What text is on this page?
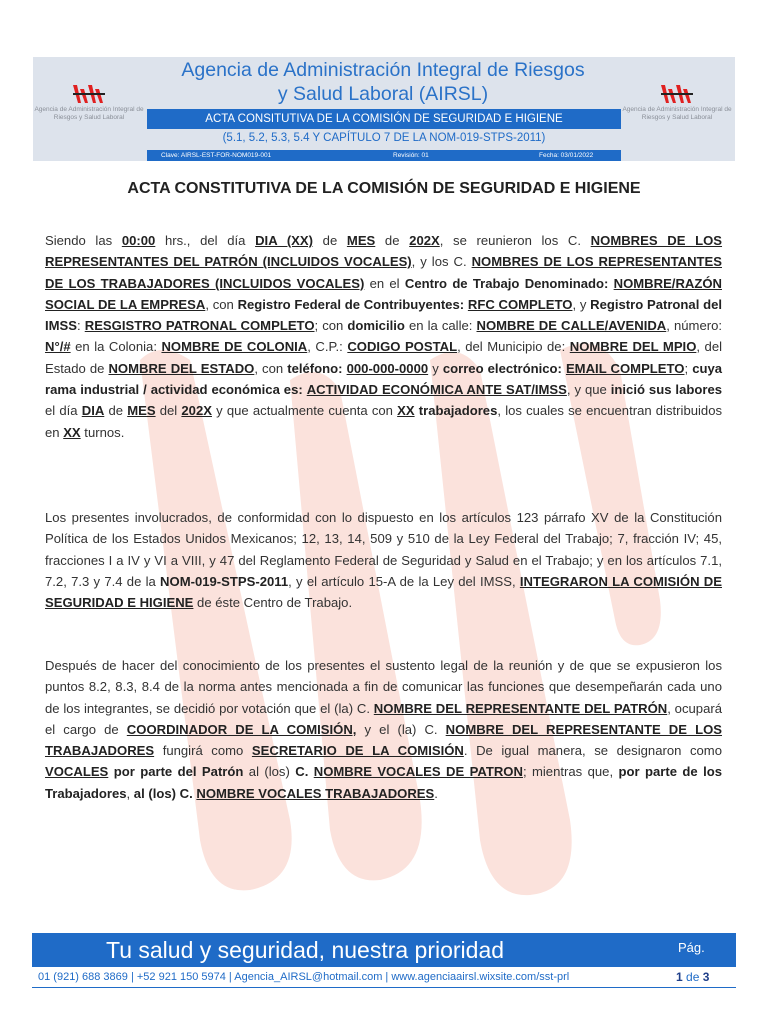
Agencia de Administración Integral de Riesgos y Salud Laboral
Agencia de Administración Integral de Riesgos
y Salud Laboral (AIRSL)
ACTA CONSITUTIVA DE LA COMISIÓN DE SEGURIDAD E HIGIENE
(5.1, 5.2, 5.3, 5.4 Y CAPÍTULO 7 DE LA NOM-019-STPS-2011)
Clave: AIRSL-EST-FOR-NOM019-001	Revisión: 01	Fecha: 03/01/2022
Agencia de Administración Integral de Riesgos y Salud Laboral
ACTA CONSTITUTIVA DE LA COMISIÓN DE SEGURIDAD E HIGIENE

Siendo las 00:00 hrs., del día DIA (XX) de MES de 202X, se reunieron los C. NOMBRES DE LOS REPRESENTANTES DEL PATRÓN (INCLUIDOS VOCALES), y los C. NOMBRES DE LOS REPRESENTANTES DE LOS TRABAJADORES (INCLUIDOS VOCALES) en el Centro de Trabajo Denominado: NOMBRE/RAZÓN SOCIAL DE LA EMPRESA, con Registro Federal de Contribuyentes: RFC COMPLETO, y Registro Patronal del IMSS: RESGISTRO PATRONAL COMPLETO; con domicilio en la calle: NOMBRE DE CALLE/AVENIDA, número: N°/# en la Colonia: NOMBRE DE COLONIA, C.P.: CODIGO POSTAL, del Municipio de: NOMBRE DEL MPIO, del Estado de NOMBRE DEL ESTADO, con teléfono: 000-000-0000 y correo electrónico: EMAIL COMPLETO; cuya rama industrial / actividad económica es: ACTIVIDAD ECONÓMICA ANTE SAT/IMSS, y que inició sus labores el día DIA de MES del 202X y que actualmente cuenta con XX trabajadores, los cuales se encuentran distribuidos en XX turnos.

Los presentes involucrados, de conformidad con lo dispuesto en los artículos 123 párrafo XV de la Constitución Política de los Estados Unidos Mexicanos; 12, 13, 14, 509 y 510 de la Ley Federal del Trabajo; 7, fracción IV; 45, fracciones I a IV y VI a VIII, y 47 del Reglamento Federal de Seguridad y Salud en el Trabajo; y en los artículos 7.1, 7.2, 7.3 y 7.4 de la NOM-019-STPS-2011, y el artículo 15-A de la Ley del IMSS, INTEGRARON LA COMISIÓN DE SEGURIDAD E HIGIENE de éste Centro de Trabajo.

Después de hacer del conocimiento de los presentes el sustento legal de la reunión y de que se expusieron los puntos 8.2, 8.3, 8.4 de la norma antes mencionada a fin de comunicar las funciones que desempeñarán cada uno de los integrantes, se decidió por votación que el (la) C. NOMBRE DEL REPRESENTANTE DEL PATRÓN, ocupará el cargo de COORDINADOR DE LA COMISIÓN, y el (la) C. NOMBRE DEL REPRESENTANTE DE LOS TRABAJADORES fungirá como SECRETARIO DE LA COMISIÓN. De igual manera, se designaron como VOCALES por parte del Patrón al (los) C. NOMBRE VOCALES DE PATRON; mientras que, por parte de los Trabajadores, al (los) C. NOMBRE VOCALES TRABAJADORES.

Tu salud y seguridad, nuestra prioridad	Pág.
01 (921) 688 3869 | +52 921 150 5974 | Agencia_AIRSL@hotmail.com | www.agenciaairsl.wixsite.com/sst-prl	1 de 3
